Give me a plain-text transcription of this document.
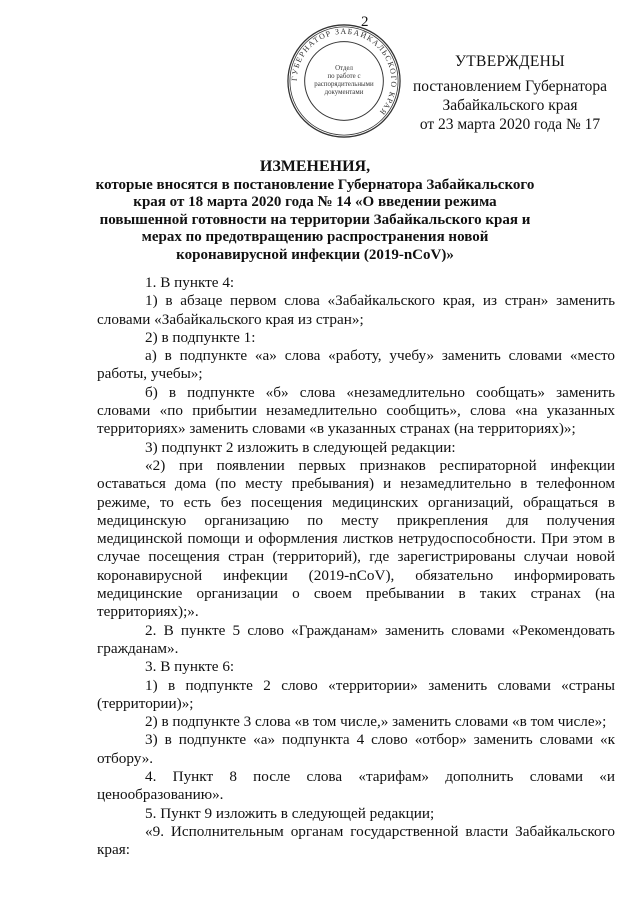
2
ГУБЕРНАТОР ЗАБАЙКАЛЬСКОГО КРАЯ
Отдел
по работе с
распорядительными
документами
УТВЕРЖДЕНЫ
постановлением Губернатора
Забайкальского края
от 23 марта 2020 года № 17
ИЗМЕНЕНИЯ,
которые вносятся в постановление Губернатора Забайкальского края от 18 марта 2020 года № 14 «О введении режима повышенной готовности на территории Забайкальского края и мерах по предотвращению распространения новой коронавирусной инфекции (2019-nCoV)»

1. В пункте 4:

1) в абзаце первом слова «Забайкальского края, из стран» заменить словами «Забайкальского края из стран»;

2) в подпункте 1:

а) в подпункте «а» слова «работу, учебу» заменить словами «место работы, учебы»;

б) в подпункте «б» слова «незамедлительно сообщать» заменить словами «по прибытии незамедлительно сообщить», слова «на указанных территориях» заменить словами «в указанных странах (на территориях)»;

3) подпункт 2 изложить в следующей редакции:

«2) при появлении первых признаков респираторной инфекции оставаться дома (по месту пребывания) и незамедлительно в телефонном режиме, то есть без посещения медицинских организаций, обращаться в медицинскую организацию по месту прикрепления для получения медицинской помощи и оформления листков нетрудоспособности. При этом в случае посещения стран (территорий), где зарегистрированы случаи новой коронавирусной инфекции (2019-nCoV), обязательно информировать медицинские организации о своем пребывании в таких странах (на территориях);».

2. В пункте 5 слово «Гражданам» заменить словами «Рекомендовать гражданам».

3. В пункте 6:

1) в подпункте 2 слово «территории» заменить словами «страны (территории)»;

2) в подпункте 3 слова «в том числе,» заменить словами «в том числе»;

3) в подпункте «а» подпункта 4 слово «отбор» заменить словами «к отбору».

4. Пункт 8 после слова «тарифам» дополнить словами «и ценообразованию».

5. Пункт 9 изложить в следующей редакции;

«9. Исполнительным органам государственной власти Забайкальского края:
